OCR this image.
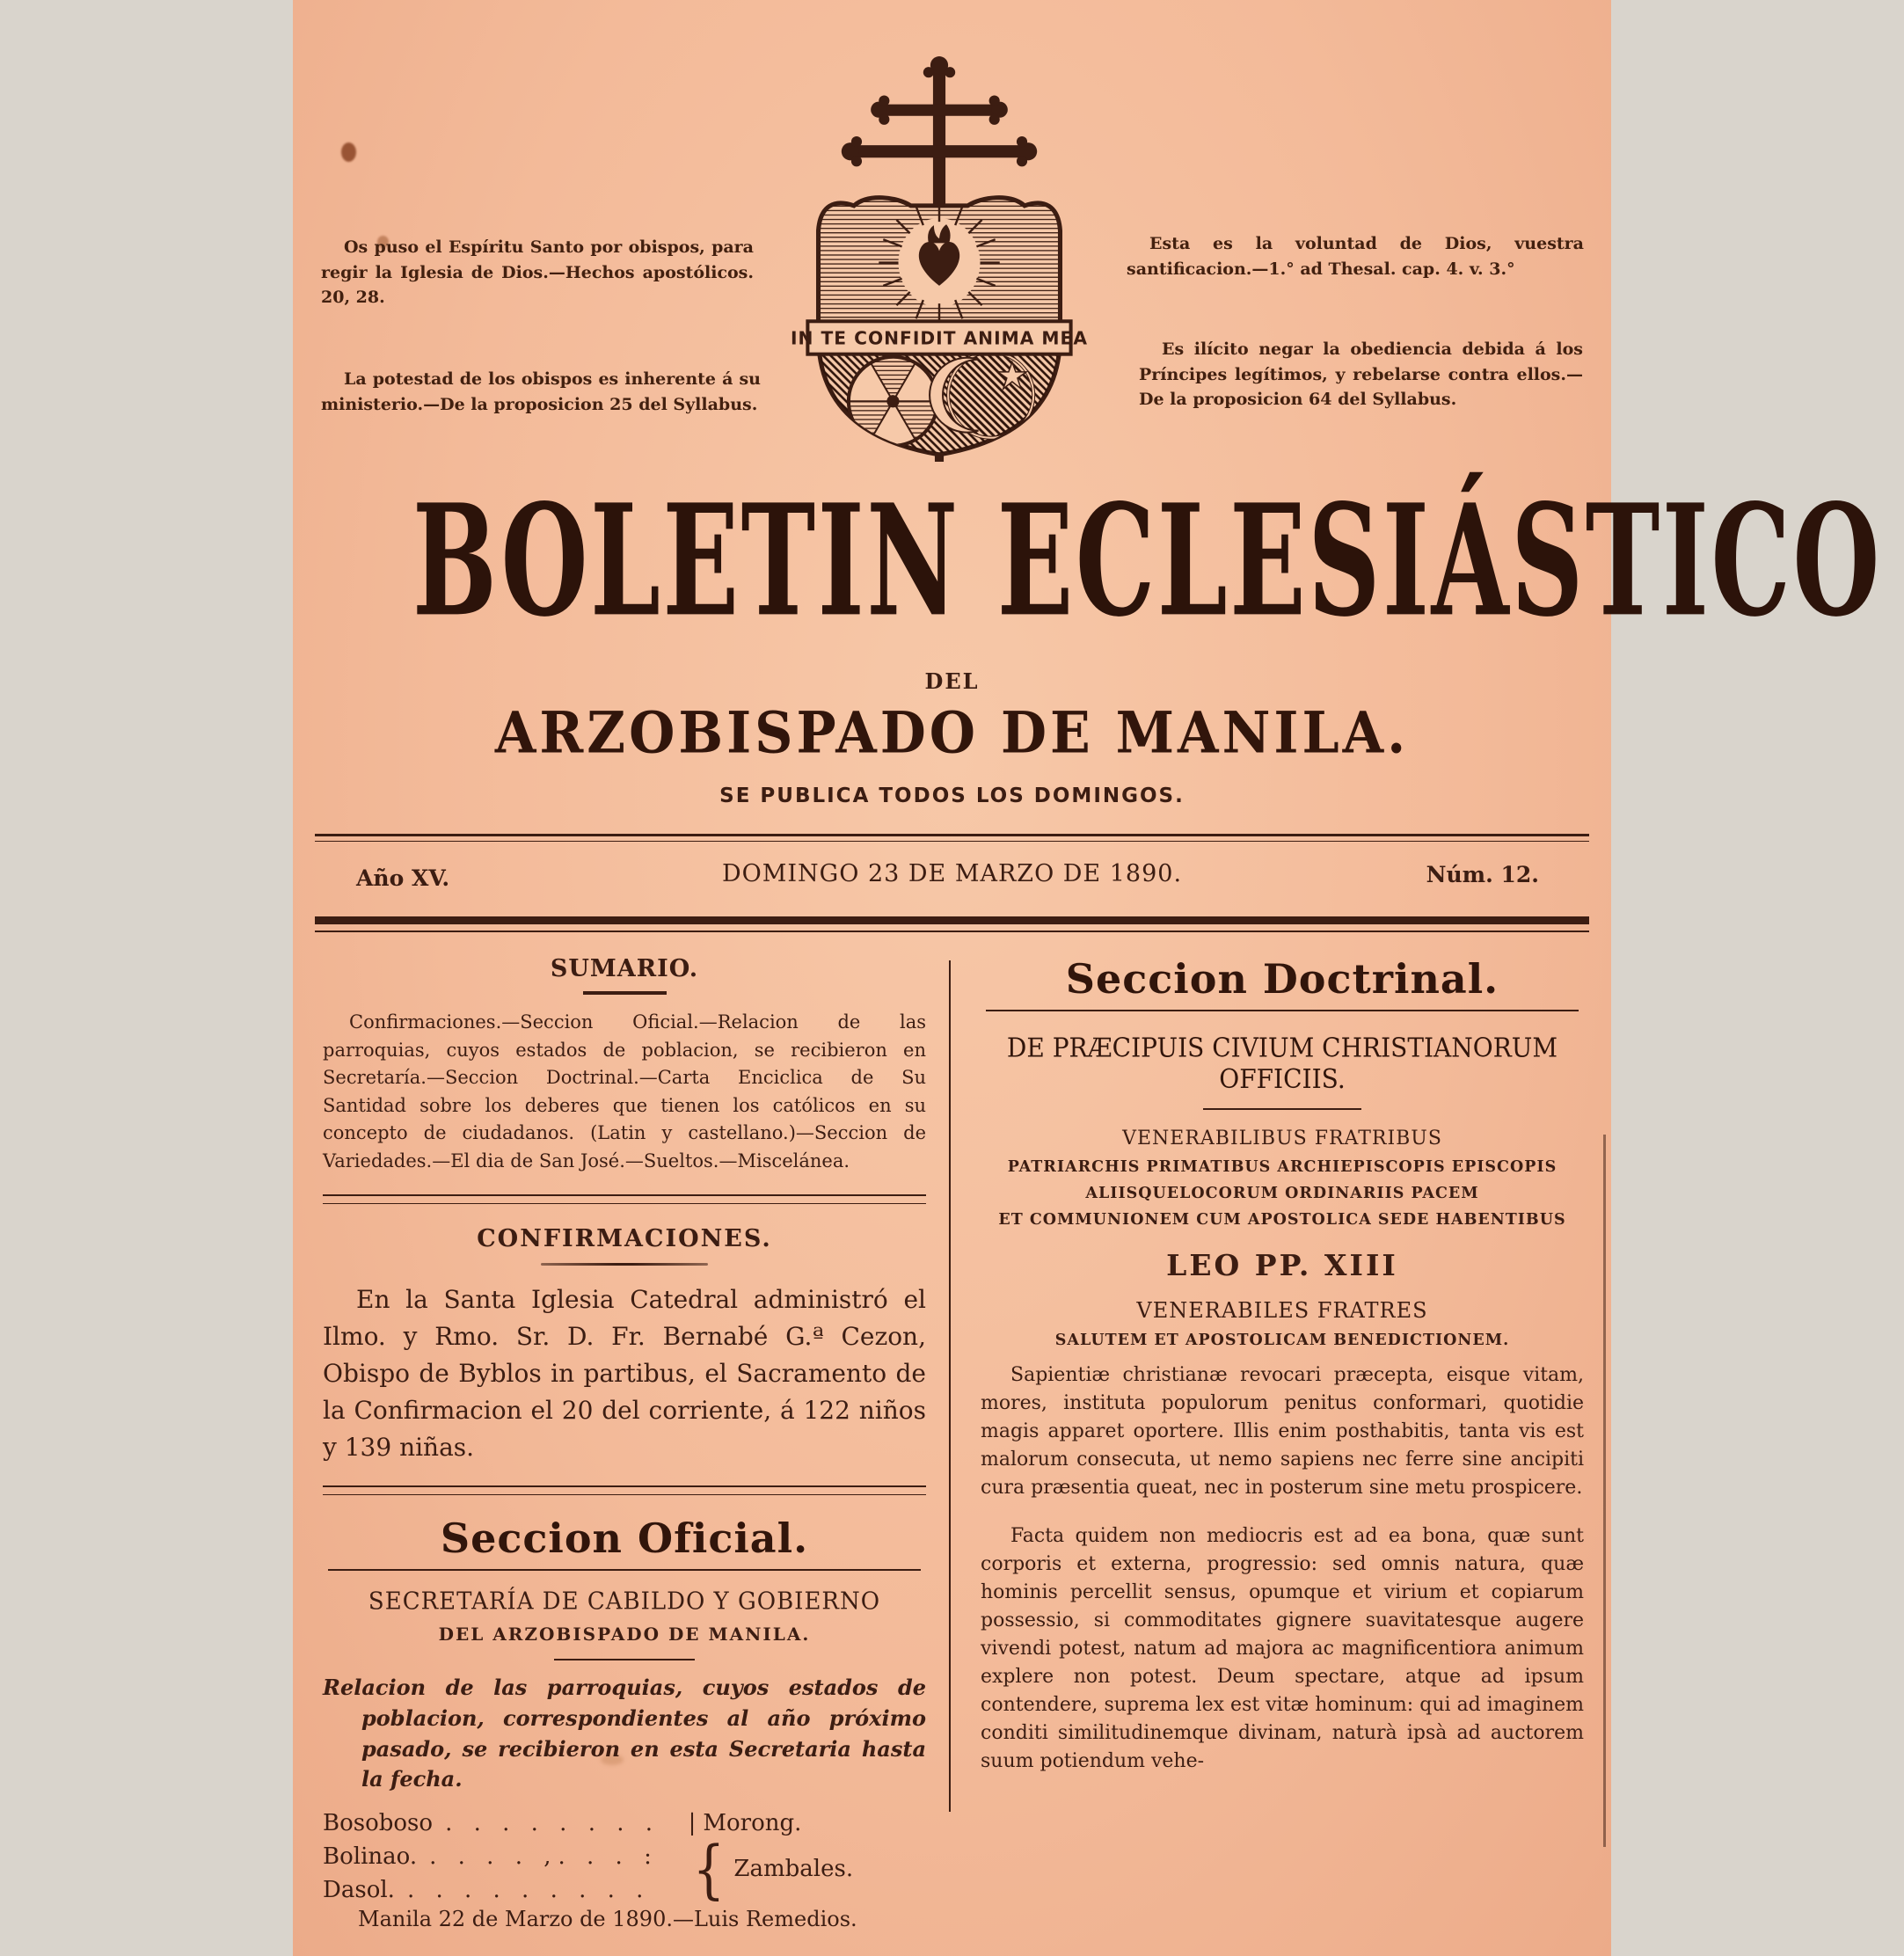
Os puso el Espíritu Santo por obispos, para regir la Iglesia de Dios.—Hechos apostólicos. 20, 28.

La potestad de los obispos es inherente á su ministerio.—De la proposicion 25 del Syllabus.

Esta es la voluntad de Dios, vuestra santificacion.—1.° ad Thesal. cap. 4. v. 3.°

Es ilícito negar la obediencia debida á los Príncipes legítimos, y rebelarse contra ellos.—De la proposicion 64 del Syllabus.

IN TE CONFIDIT ANIMA MEA
BOLETIN ECLESIÁSTICO
DEL
ARZOBISPADO DE MANILA.
SE PUBLICA TODOS LOS DOMINGOS.
Año XV.	DOMINGO 23 DE MARZO DE 1890.	Núm. 12.
SUMARIO.

Confirmaciones.—Seccion Oficial.—Relacion de las parroquias, cuyos estados de poblacion, se recibieron en Secretaría.—Seccion Doctrinal.—Carta Enciclica de Su Santidad sobre los deberes que tienen los católicos en su concepto de ciudadanos. (Latin y castellano.)—Seccion de Variedades.—El dia de San José.—Sueltos.—Miscelánea.

CONFIRMACIONES.

En la Santa Iglesia Catedral administró el Ilmo. y Rmo. Sr. D. Fr. Bernabé G.ª Cezon, Obispo de Byblos in partibus, el Sacramento de la Confirmacion el 20 del corriente, á 122 niños y 139 niñas.

Seccion Oficial.
SECRETARÍA DE CABILDO Y GOBIERNO
DEL ARZOBISPADO DE MANILA.

Relacion de las parroquias, cuyos estados de poblacion, correspondientes al año próximo pasado, se recibieron en esta Secretaria hasta la fecha.

Bosoboso . . . . . . . .
Bolinao. . . . . ,. . . :
Dasol. . . . . . . . . .
| Morong.
{ Zambales.

Manila 22 de Marzo de 1890.—Luis Remedios.

Seccion Doctrinal.
DE PRÆCIPUIS CIVIUM CHRISTIANORUM OFFICIIS.
VENERABILIBUS FRATRIBUS
PATRIARCHIS PRIMATIBUS ARCHIEPISCOPIS EPISCOPIS
ALIISQUELOCORUM ORDINARIIS PACEM
ET COMMUNIONEM CUM APOSTOLICA SEDE HABENTIBUS
LEO PP. XIII
VENERABILES FRATRES
SALUTEM ET APOSTOLICAM BENEDICTIONEM.

Sapientiæ christianæ revocari præcepta, eisque vitam, mores, instituta populorum penitus conformari, quotidie magis apparet oportere. Illis enim posthabitis, tanta vis est malorum consecuta, ut nemo sapiens nec ferre sine ancipiti cura præsentia queat, nec in posterum sine metu prospicere.

Facta quidem non mediocris est ad ea bona, quæ sunt corporis et externa, progressio: sed omnis natura, quæ hominis percellit sensus, opumque et virium et copiarum possessio, si commoditates gignere suavitatesque augere vivendi potest, natum ad majora ac magnificentiora animum explere non potest. Deum spectare, atque ad ipsum contendere, suprema lex est vitæ hominum: qui ad imaginem conditi similitudinemque divinam, naturà ipsà ad auctorem suum potiendum vehe-
